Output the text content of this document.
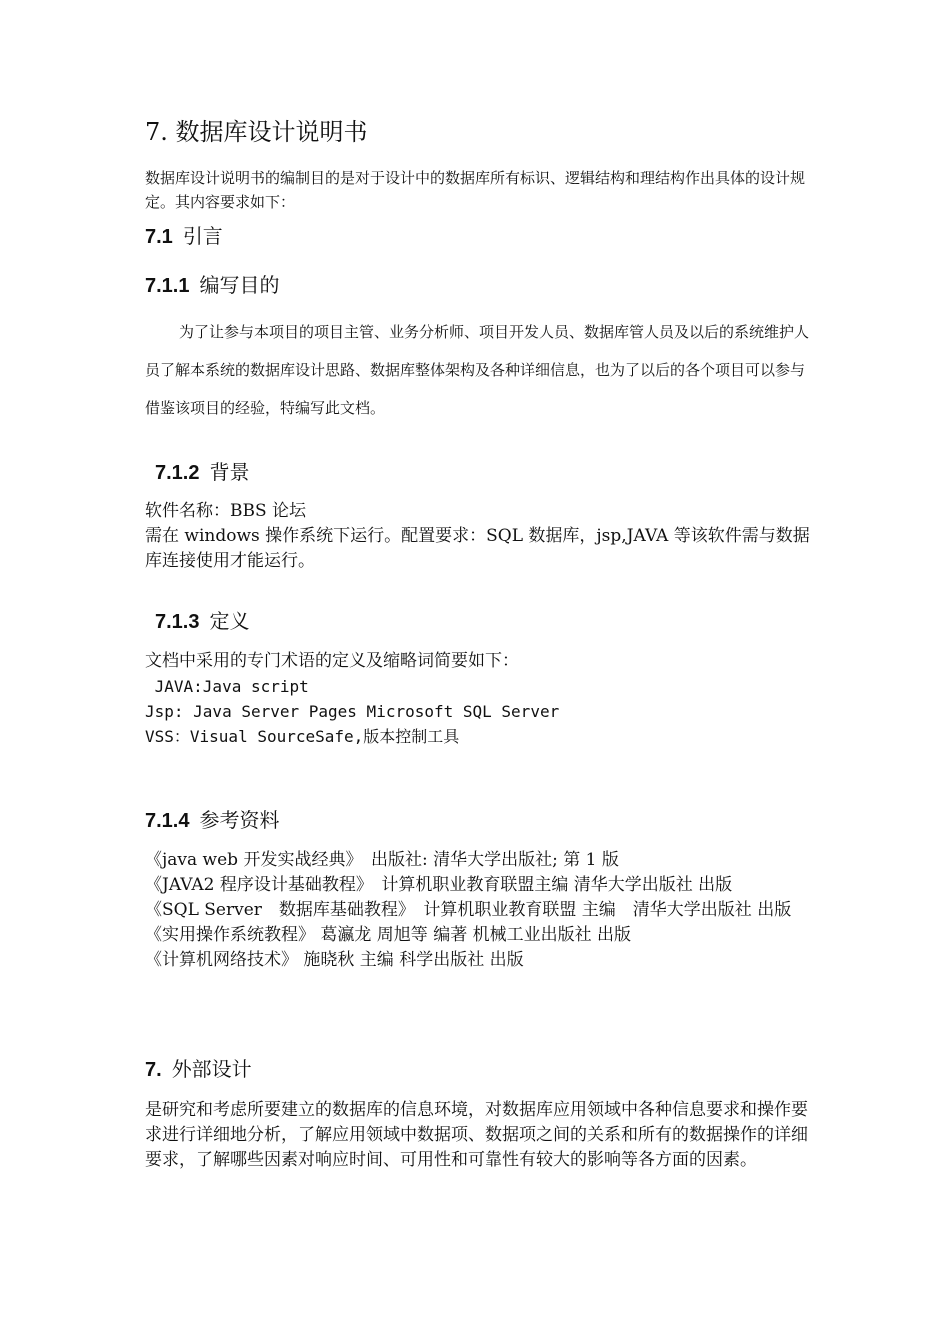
7. 数据库设计说明书

数据库设计说明书的编制目的是对于设计中的数据库所有标识、逻辑结构和理结构作出具体的设计规定。其内容要求如下：

7.1 引言
7.1.1 编写目的

为了让参与本项目的项目主管、业务分析师、项目开发人员、数据库管人员及以后的系统维护人员了解本系统的数据库设计思路、数据库整体架构及各种详细信息，也为了以后的各个项目可以参与借鉴该项目的经验，特编写此文档。

7.1.2 背景
软件名称：BBS 论坛
需在 windows 操作系统下运行。配置要求：SQL 数据库，jsp,JAVA 等该软件需与数据库连接使用才能运行。
7.1.3 定义
文档中采用的专门术语的定义及缩略词简要如下：
JAVA:Java script
Jsp: Java Server Pages Microsoft SQL Server
VSS：Visual SourceSafe,版本控制工具
7.1.4 参考资料
《java web 开发实战经典》　出版社: 清华大学出版社; 第 1 版
《JAVA2 程序设计基础教程》　计算机职业教育联盟主编 清华大学出版社 出版
《SQL Server　数据库基础教程》　计算机职业教育联盟 主编　清华大学出版社 出版
《实用操作系统教程》 葛瀛龙 周旭等 编著 机械工业出版社 出版
《计算机网络技术》 施晓秋 主编 科学出版社 出版
7. 外部设计

是研究和考虑所要建立的数据库的信息环境，对数据库应用领域中各种信息要求和操作要求进行详细地分析，了解应用领域中数据项、数据项之间的关系和所有的数据操作的详细要求，了解哪些因素对响应时间、可用性和可靠性有较大的影响等各方面的因素。
